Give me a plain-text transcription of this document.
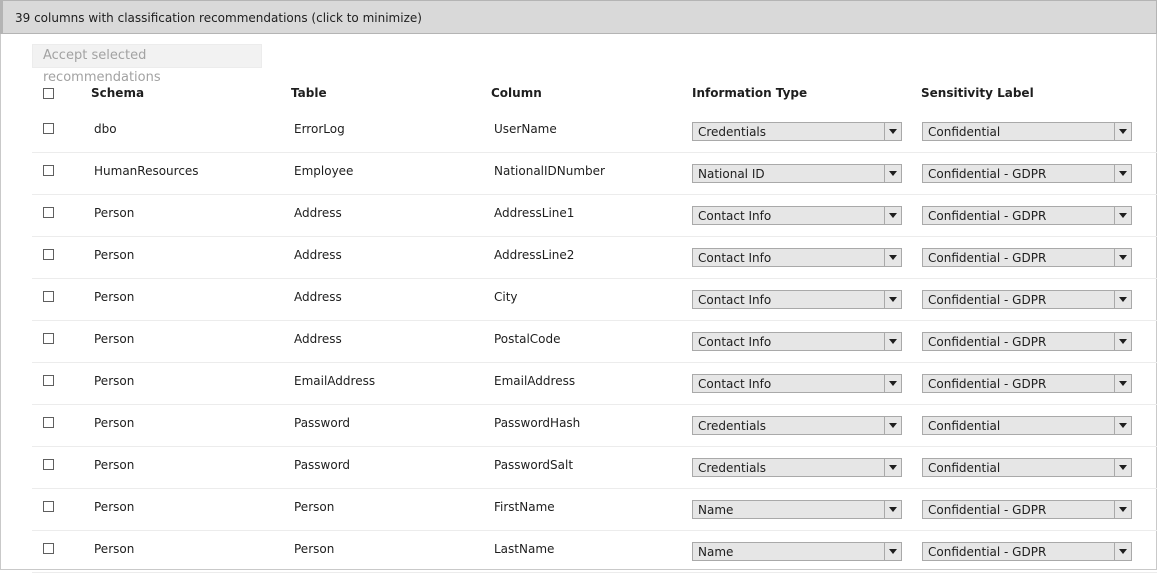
39 columns with classification recommendations (click to minimize)
Accept selected recommendations
Schema	Table	Column	Information Type	Sensitivity Label
dbo	ErrorLog	UserName	Credentials	Confidential
HumanResources	Employee	NationalIDNumber	National ID	Confidential - GDPR
Person	Address	AddressLine1	Contact Info	Confidential - GDPR
Person	Address	AddressLine2	Contact Info	Confidential - GDPR
Person	Address	City	Contact Info	Confidential - GDPR
Person	Address	PostalCode	Contact Info	Confidential - GDPR
Person	EmailAddress	EmailAddress	Contact Info	Confidential - GDPR
Person	Password	PasswordHash	Credentials	Confidential
Person	Password	PasswordSalt	Credentials	Confidential
Person	Person	FirstName	Name	Confidential - GDPR
Person	Person	LastName	Name	Confidential - GDPR
